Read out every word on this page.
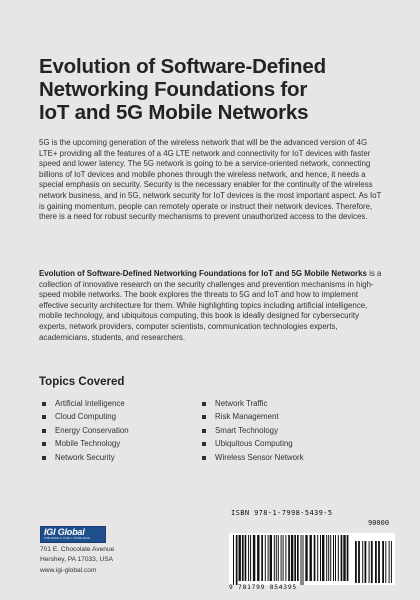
Evolution of Software-Defined
Networking Foundations for
IoT and 5G Mobile Networks
5G is the upcoming generation of the wireless network that will be the advanced version of 4G LTE+ providing all the features of a 4G LTE network and connectivity for IoT devices with faster speed and lower latency. The 5G network is going to be a service-oriented network, connecting billions of IoT devices and mobile phones through the wireless network, and hence, it needs a special emphasis on security. Security is the necessary enabler for the continuity of the wireless network business, and in 5G, network security for IoT devices is the most important aspect. As IoT is gaining momentum, people can remotely operate or instruct their network devices. Therefore, there is a need for robust security mechanisms to prevent unauthorized access to the devices.
Evolution of Software-Defined Networking Foundations for IoT and 5G Mobile Networks is a collection of innovative research on the security challenges and prevention mechanisms in high-speed mobile networks. The book explores the threats to 5G and IoT and how to implement effective security architecture for them. While highlighting topics including artificial intelligence, mobile technology, and ubiquitous computing, this book is ideally designed for cybersecurity experts, network providers, computer scientists, communication technologies experts, academicians, students, and researchers.
Topics Covered
Artificial Intelligence
Cloud Computing
Energy Conservation
Mobile Technology
Network Security
Network Traffic
Risk Management
Smart Technology
Ubiquitous Computing
Wireless Sensor Network
IGI Global
PUBLISHER of TIMELY KNOWLEDGE
701 E. Chocolate Avenue
Hershey, PA 17033, USA
www.igi-global.com
ISBN 978-1-7998-5439-5
90000
9 781799 854395
